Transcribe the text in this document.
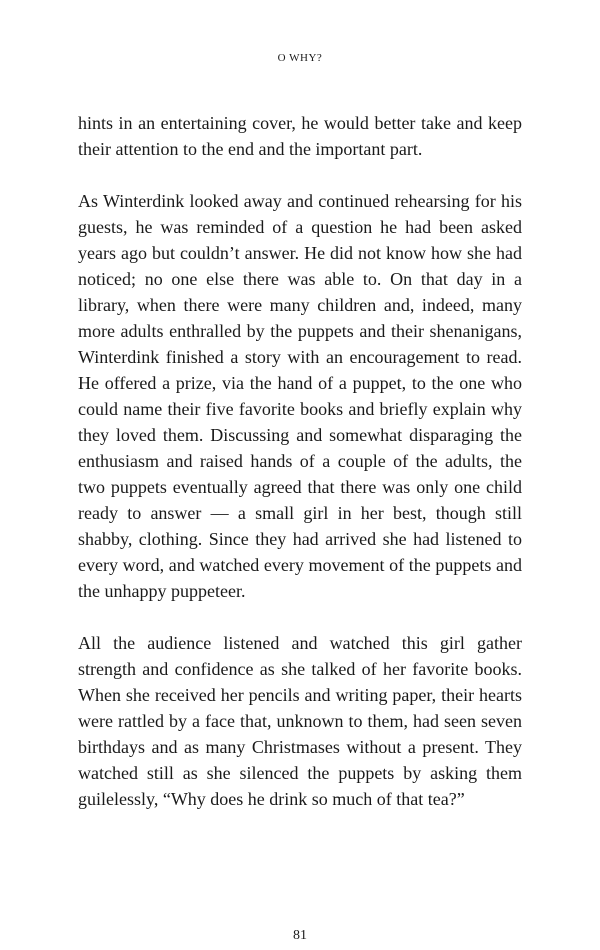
O WHY?

hints in an entertaining cover, he would better take and keep their attention to the end and the important part.

As Winterdink looked away and continued rehearsing for his guests, he was reminded of a question he had been asked years ago but couldn’t answer. He did not know how she had noticed; no one else there was able to. On that day in a library, when there were many children and, indeed, many more adults enthralled by the puppets and their shenanigans, Winterdink finished a story with an encouragement to read. He offered a prize, via the hand of a puppet, to the one who could name their five favorite books and briefly explain why they loved them. Discussing and somewhat disparaging the enthusiasm and raised hands of a couple of the adults, the two puppets eventually agreed that there was only one child ready to answer — a small girl in her best, though still shabby, clothing. Since they had arrived she had listened to every word, and watched every movement of the puppets and the unhappy puppeteer.

All the audience listened and watched this girl gather strength and confidence as she talked of her favorite books. When she received her pencils and writing paper, their hearts were rattled by a face that, unknown to them, had seen seven birthdays and as many Christmases without a present. They watched still as she silenced the puppets by asking them guilelessly, “Why does he drink so much of that tea?”

81
